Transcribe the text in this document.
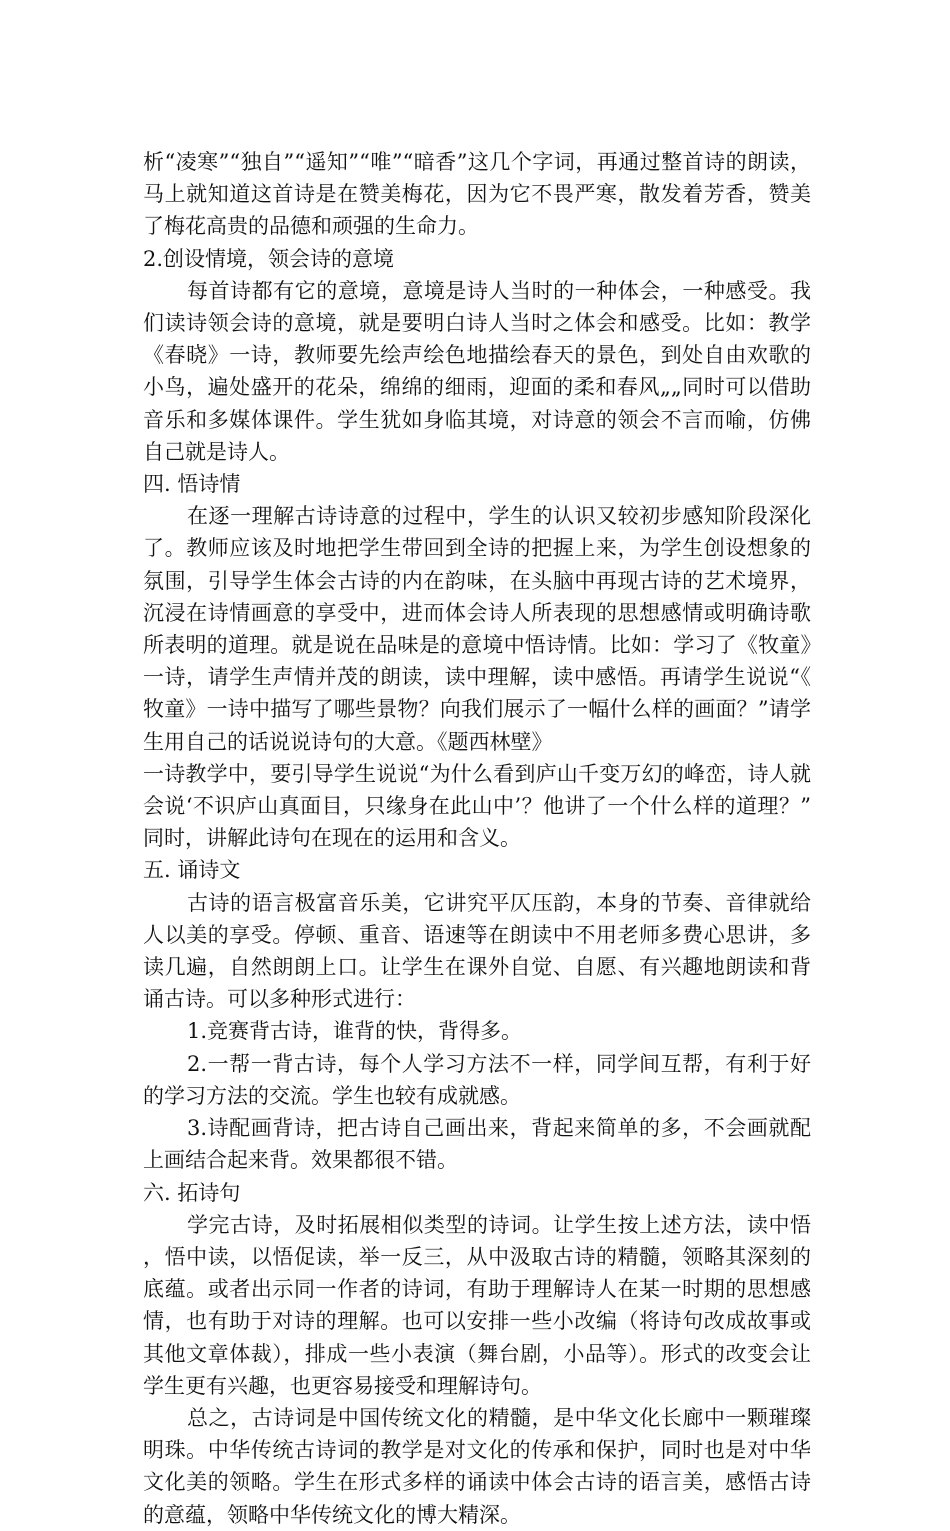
析“凌寒”“独自”“遥知”“唯”“暗香”这几个字词，再通过整首诗的朗读，马上就知道这首诗是在赞美梅花，因为它不畏严寒，散发着芳香，赞美了梅花高贵的品德和顽强的生命力。

2.创设情境，领会诗的意境

每首诗都有它的意境，意境是诗人当时的一种体会，一种感受。我们读诗领会诗的意境，就是要明白诗人当时之体会和感受。比如：教学《春晓》一诗，教师要先绘声绘色地描绘春天的景色，到处自由欢歌的小鸟，遍处盛开的花朵，绵绵的细雨，迎面的柔和春风„„同时可以借助音乐和多媒体课件。学生犹如身临其境，对诗意的领会不言而喻，仿佛自己就是诗人。

四. 悟诗情

在逐一理解古诗诗意的过程中，学生的认识又较初步感知阶段深化了。教师应该及时地把学生带回到全诗的把握上来，为学生创设想象的氛围，引导学生体会古诗的内在韵味，在头脑中再现古诗的艺术境界，沉浸在诗情画意的享受中，进而体会诗人所表现的思想感情或明确诗歌所表明的道理。就是说在品味是的意境中悟诗情。比如：学习了《牧童》一诗，请学生声情并茂的朗读，读中理解，读中感悟。再请学生说说“《牧童》一诗中描写了哪些景物？向我们展示了一幅什么样的画面？”请学生用自己的话说说诗句的大意。《题西林壁》

一诗教学中，要引导学生说说“为什么看到庐山千变万幻的峰峦，诗人就会说‘不识庐山真面目，只缘身在此山中’？他讲了一个什么样的道理？”同时，讲解此诗句在现在的运用和含义。

五. 诵诗文

古诗的语言极富音乐美，它讲究平仄压韵，本身的节奏、音律就给人以美的享受。停顿、重音、语速等在朗读中不用老师多费心思讲，多读几遍，自然朗朗上口。让学生在课外自觉、自愿、有兴趣地朗读和背诵古诗。可以多种形式进行：

1.竞赛背古诗，谁背的快，背得多。

2.一帮一背古诗，每个人学习方法不一样，同学间互帮，有利于好的学习方法的交流。学生也较有成就感。

3.诗配画背诗，把古诗自己画出来，背起来简单的多，不会画就配上画结合起来背。效果都很不错。

六. 拓诗句

学完古诗，及时拓展相似类型的诗词。让学生按上述方法，读中悟，悟中读，以悟促读，举一反三，从中汲取古诗的精髓，领略其深刻的底蕴。或者出示同一作者的诗词，有助于理解诗人在某一时期的思想感情，也有助于对诗的理解。也可以安排一些小改编（将诗句改成故事或其他文章体裁），排成一些小表演（舞台剧，小品等）。形式的改变会让学生更有兴趣，也更容易接受和理解诗句。

总之，古诗词是中国传统文化的精髓，是中华文化长廊中一颗璀璨明珠。中华传统古诗词的教学是对文化的传承和保护，同时也是对中华文化美的领略。学生在形式多样的诵读中体会古诗的语言美，感悟古诗的意蕴，领略中华传统文化的博大精深。
